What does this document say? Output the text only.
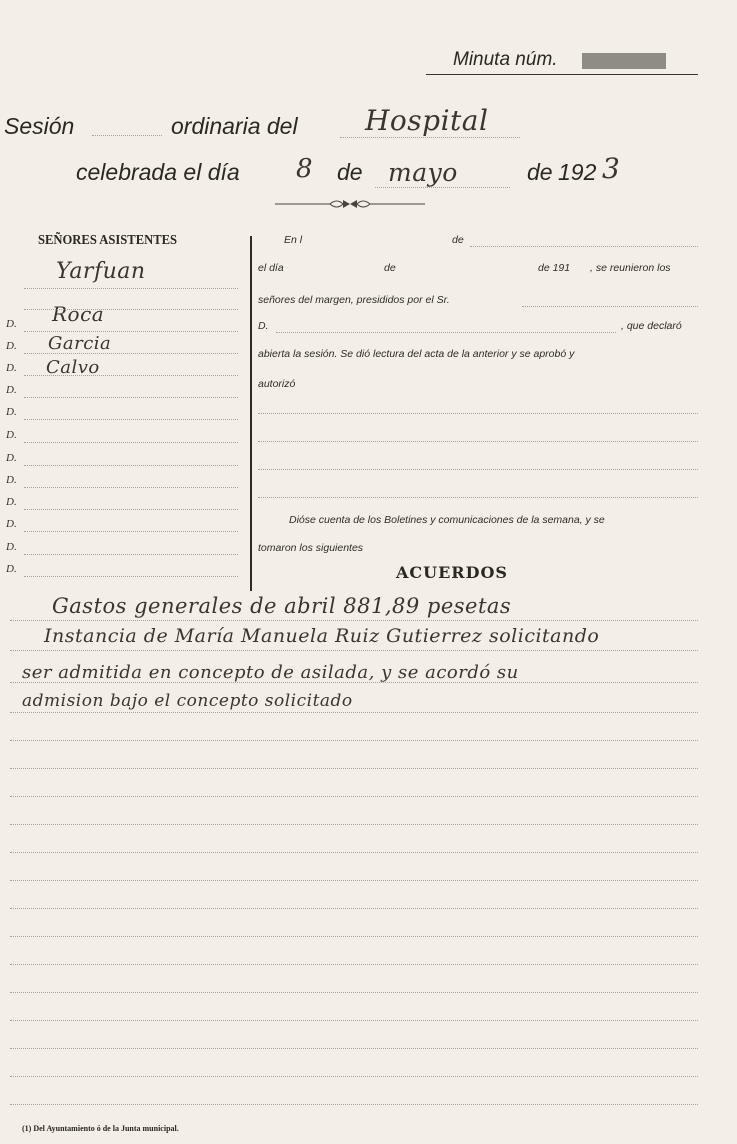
Minuta núm.
Sesión	ordinaria del Hospital
celebrada el día 8 de mayo	de 192 3
SEÑORES ASISTENTES
Yarfuan
Roca
Garcia
Calvo
D.
D.
D.
D.
D.
D.
D.
D.
D.
D.
D.
D.
En l	de
el día	de	de 191 , se reunieron los
señores del margen, presididos por el Sr.
D.	, que declaró
abierta la sesión. Se dió lectura del acta de la anterior y se aprobó y
autorizó
Dióse cuenta de los Boletines y comunicaciones de la semana, y se
tomaron los siguientes
ACUERDOS
Gastos generales de abril 881,89 pesetas
Instancia de María Manuela Ruiz Gutierrez solicitando
ser admitida en concepto de asilada, y se acordó su
admision bajo el concepto solicitado
(1) Del Ayuntamiento ó de la Junta municipal.
